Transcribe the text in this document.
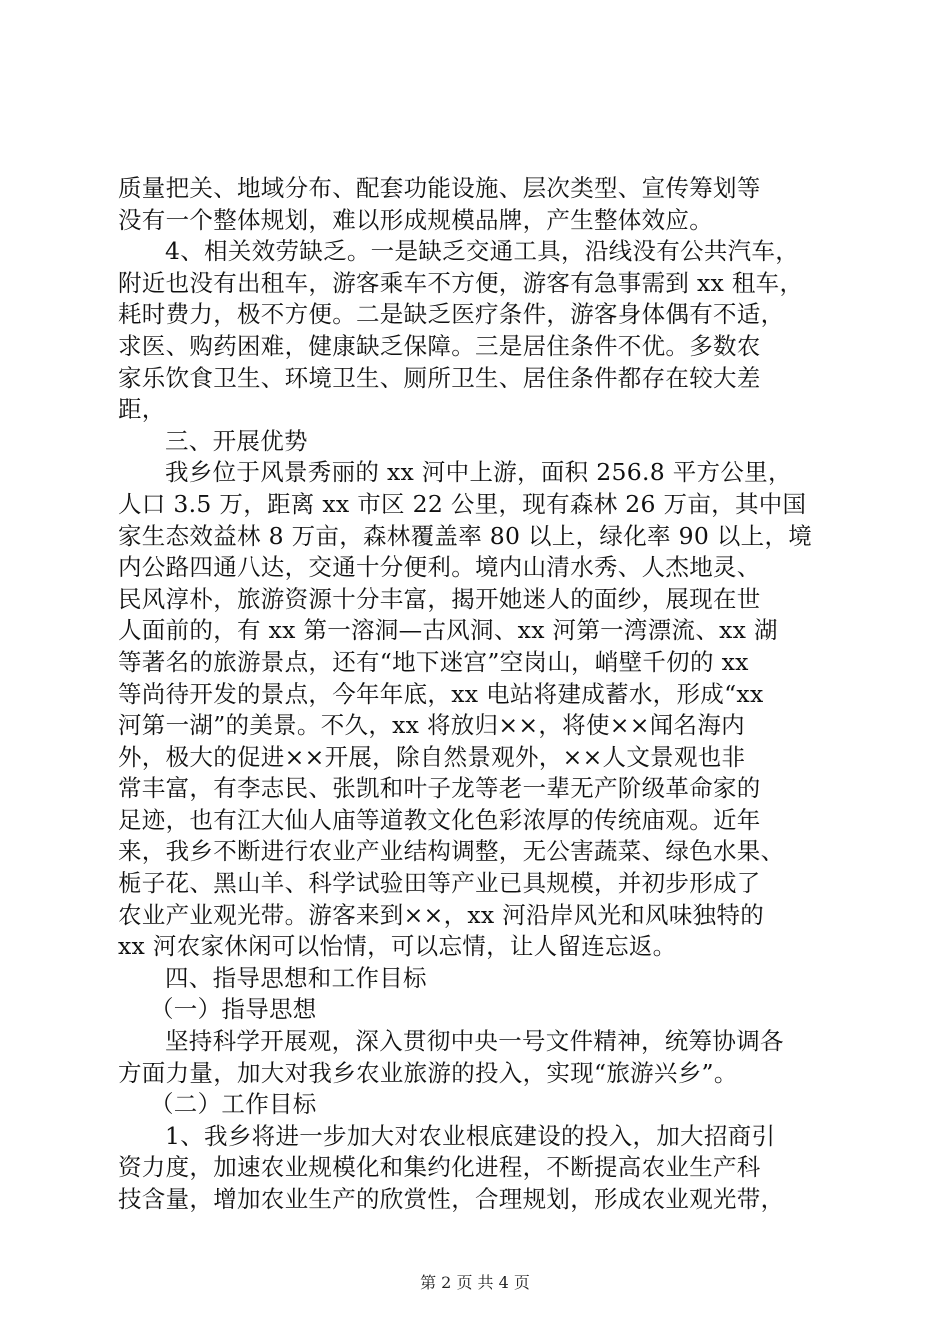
质量把关、地域分布、配套功能设施、层次类型、宣传筹划等
没有一个整体规划，难以形成规模品牌，产生整体效应。
4、相关效劳缺乏。一是缺乏交通工具，沿线没有公共汽车，
附近也没有出租车，游客乘车不方便，游客有急事需到 xx 租车，
耗时费力，极不方便。二是缺乏医疗条件，游客身体偶有不适，
求医、购药困难，健康缺乏保障。三是居住条件不优。多数农
家乐饮食卫生、环境卫生、厕所卫生、居住条件都存在较大差
距，
三、开展优势
我乡位于风景秀丽的 xx 河中上游，面积 256.8 平方公里，
人口 3.5 万，距离 xx 市区 22 公里，现有森林 26 万亩，其中国
家生态效益林 8 万亩，森林覆盖率 80 以上，绿化率 90 以上，境
内公路四通八达，交通十分便利。境内山清水秀、人杰地灵、
民风淳朴，旅游资源十分丰富，揭开她迷人的面纱，展现在世
人面前的，有 xx 第一溶洞—古风洞、xx 河第一湾漂流、xx 湖
等著名的旅游景点，还有“地下迷宫”空岗山，峭壁千仞的 xx
等尚待开发的景点，今年年底，xx 电站将建成蓄水，形成“xx
河第一湖”的美景。不久，xx 将放归××，将使××闻名海内
外，极大的促进××开展，除自然景观外，××人文景观也非
常丰富，有李志民、张凯和叶子龙等老一辈无产阶级革命家的
足迹，也有江大仙人庙等道教文化色彩浓厚的传统庙观。近年
来，我乡不断进行农业产业结构调整，无公害蔬菜、绿色水果、
栀子花、黑山羊、科学试验田等产业已具规模，并初步形成了
农业产业观光带。游客来到××，xx 河沿岸风光和风味独特的
xx 河农家休闲可以怡情，可以忘情，让人留连忘返。
四、指导思想和工作目标
（一）指导思想
坚持科学开展观，深入贯彻中央一号文件精神，统筹协调各
方面力量，加大对我乡农业旅游的投入，实现“旅游兴乡”。
（二）工作目标
1、我乡将进一步加大对农业根底建设的投入，加大招商引
资力度，加速农业规模化和集约化进程，不断提高农业生产科
技含量，增加农业生产的欣赏性，合理规划，形成农业观光带，
第 2 页 共 4 页
